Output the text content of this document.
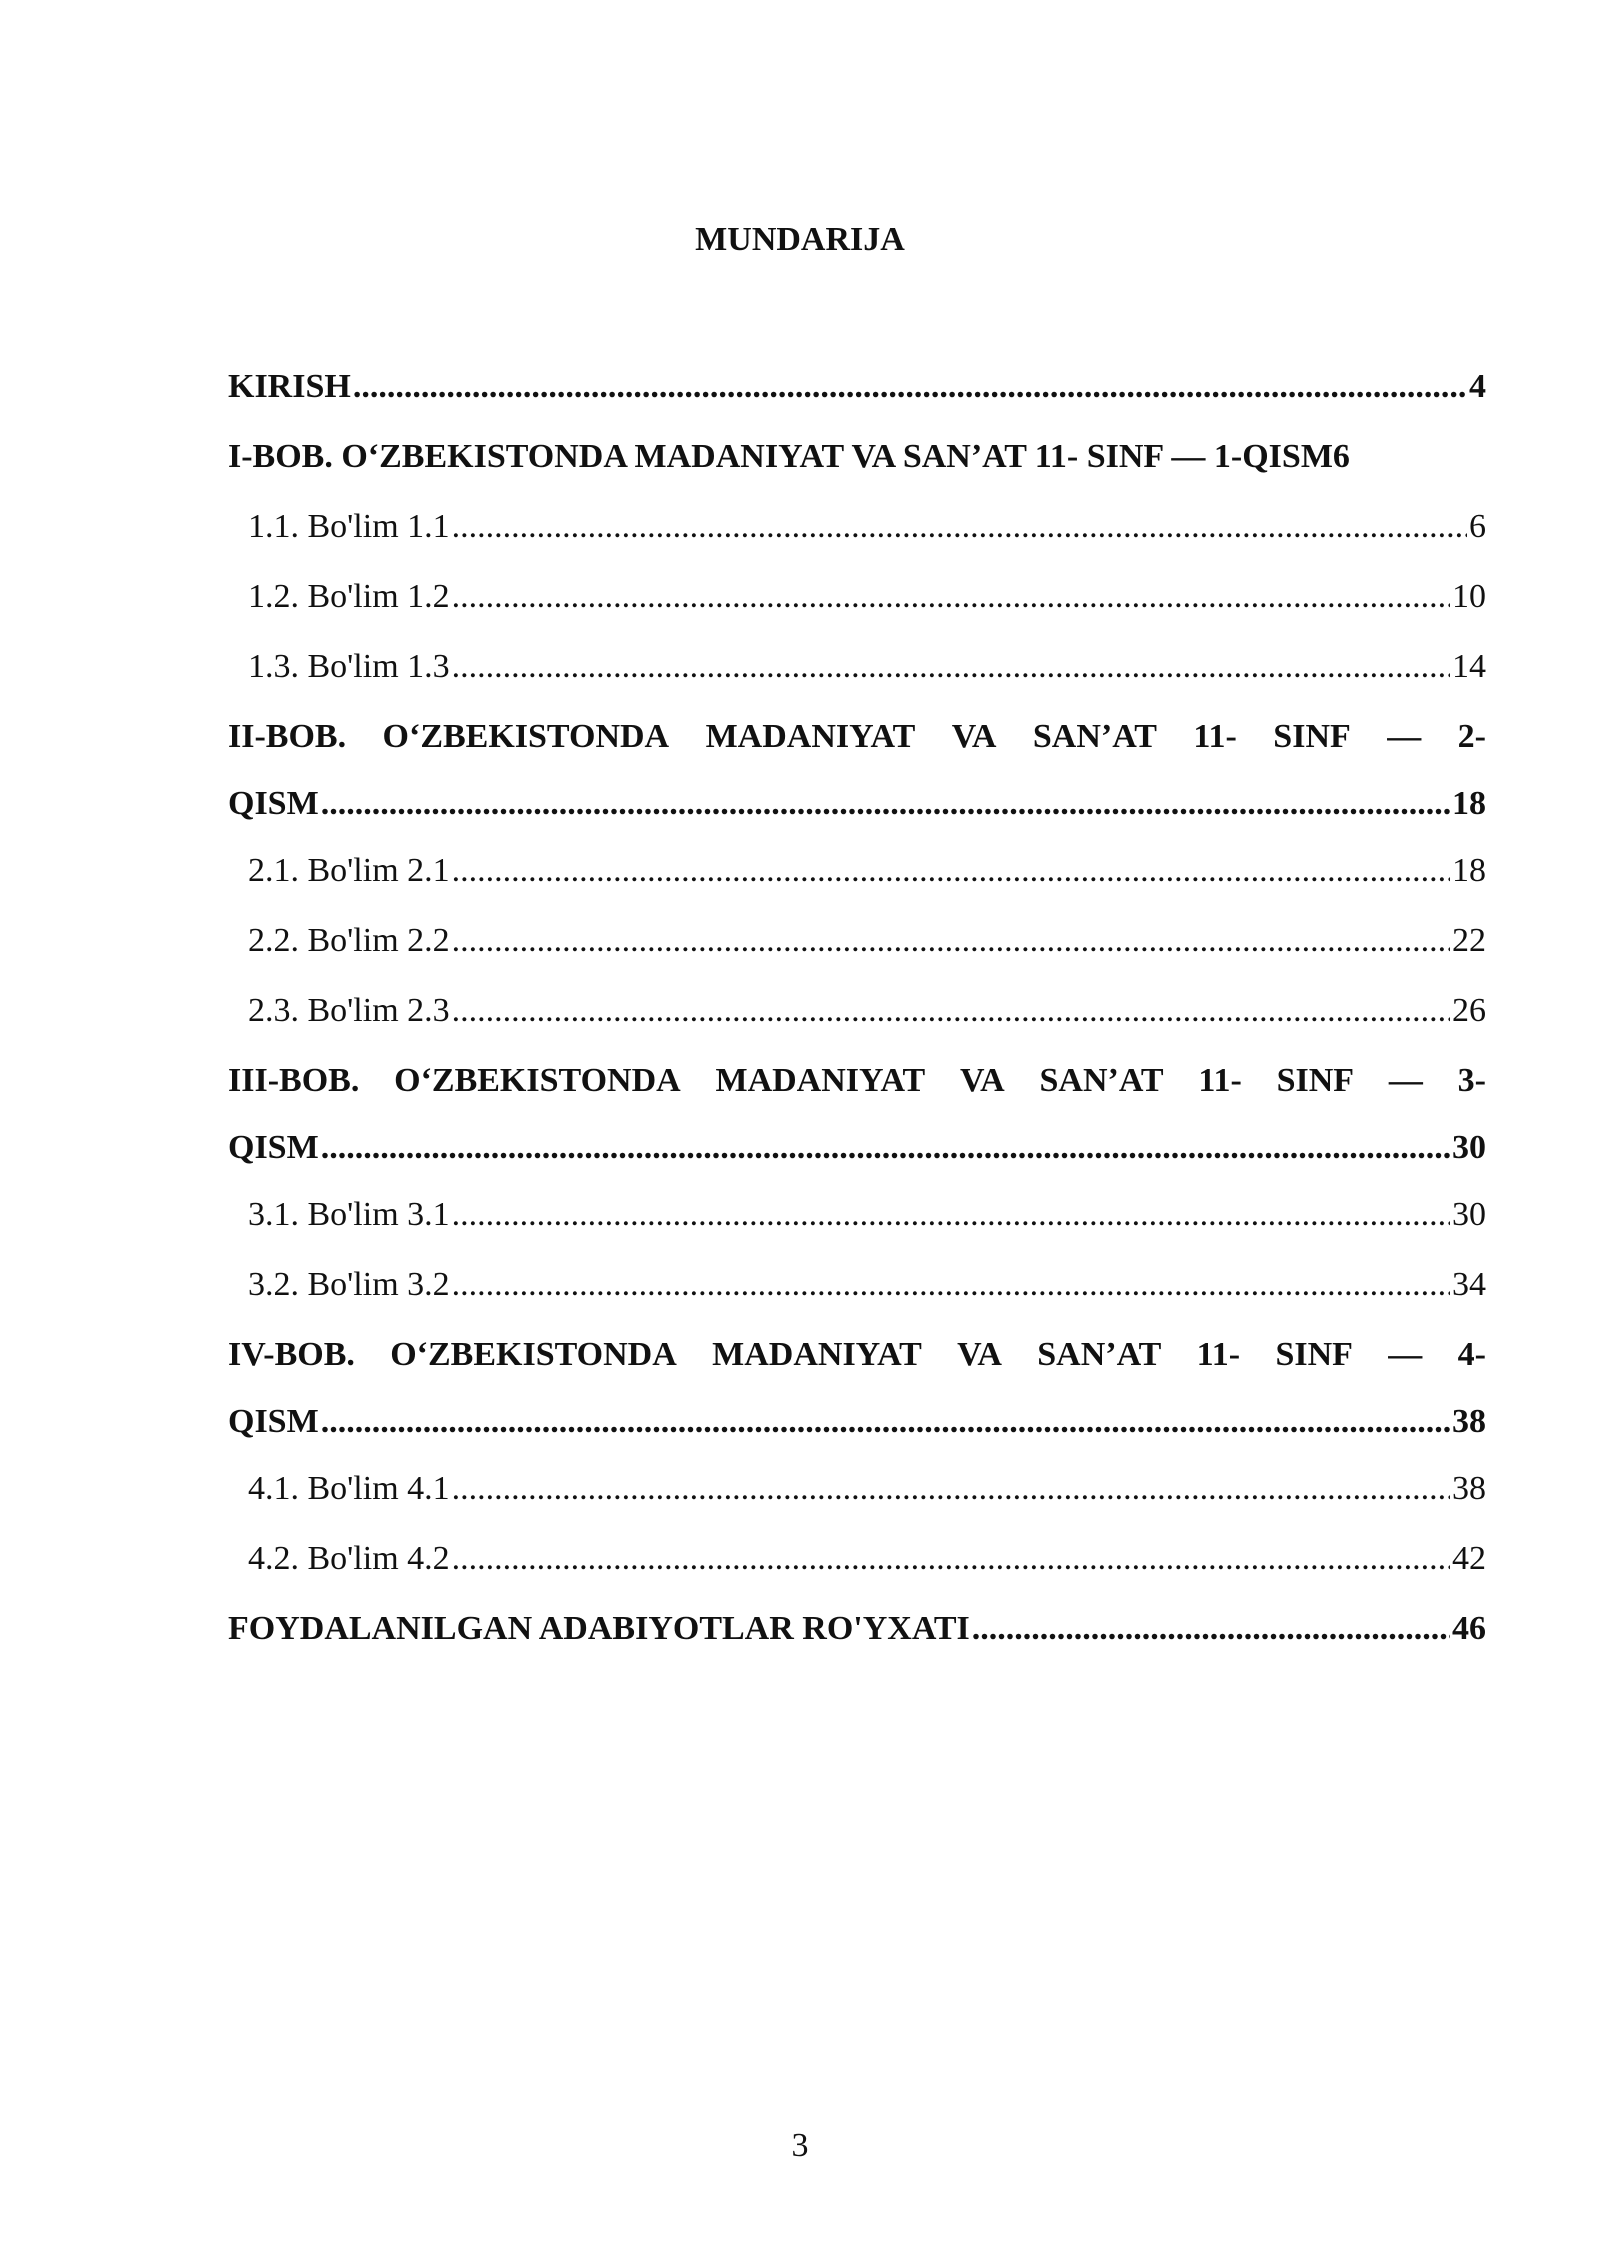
MUNDARIJA
KIRISH .....	4
I-BOB. O‘ZBEKISTONDA MADANIYAT VA SAN’AT 11- SINF — 1-QISM6
1.1. Bo'lim 1.1 .....	6
1.2. Bo'lim 1.2 .....	10
1.3. Bo'lim 1.3 .....	14
II-BOB. O‘ZBEKISTONDA MADANIYAT VA SAN’AT 11- SINF — 2-
QISM .....	18
2.1. Bo'lim 2.1 .....	18
2.2. Bo'lim 2.2 .....	22
2.3. Bo'lim 2.3 .....	26
III-BOB. O‘ZBEKISTONDA MADANIYAT VA SAN’AT 11- SINF — 3-
QISM .....	30
3.1. Bo'lim 3.1 .....	30
3.2. Bo'lim 3.2 .....	34
IV-BOB. O‘ZBEKISTONDA MADANIYAT VA SAN’AT 11- SINF — 4-
QISM .....	38
4.1. Bo'lim 4.1 .....	38
4.2. Bo'lim 4.2 .....	42
FOYDALANILGAN ADABIYOTLAR RO'YXATI .....	46
3
